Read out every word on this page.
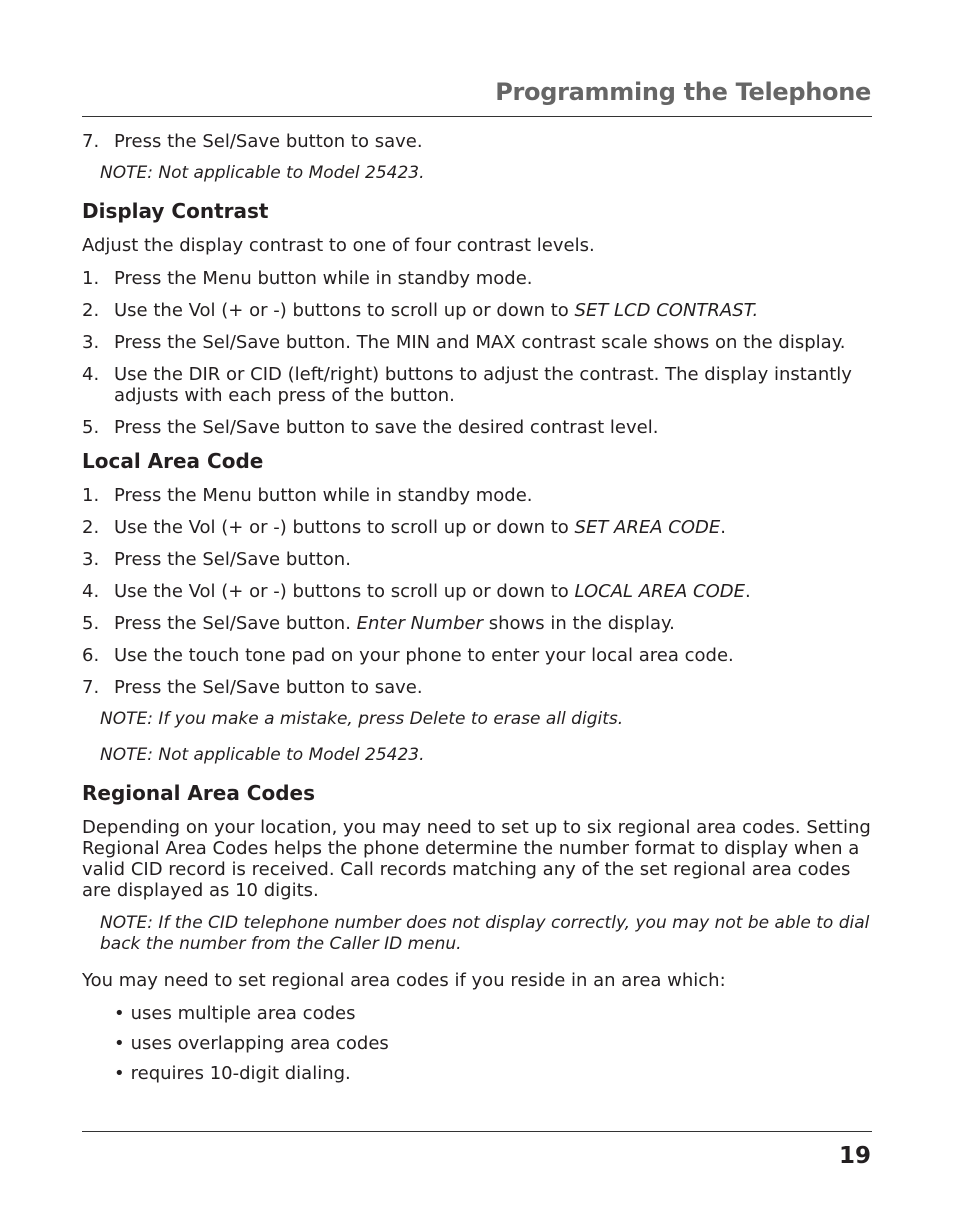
Programming the Telephone
7. Press the Sel/Save button to save.
NOTE: Not applicable to Model 25423.
Display Contrast

Adjust the display contrast to one of four contrast levels.

1. Press the Menu button while in standby mode.
2. Use the Vol (+ or -) buttons to scroll up or down to SET LCD CONTRAST.
3. Press the Sel/Save button. The MIN and MAX contrast scale shows on the display.
4. Use the DIR or CID (left/right) buttons to adjust the contrast. The display instantly adjusts with each press of the button.
5. Press the Sel/Save button to save the desired contrast level.
Local Area Code
1. Press the Menu button while in standby mode.
2. Use the Vol (+ or -) buttons to scroll up or down to SET AREA CODE.
3. Press the Sel/Save button.
4. Use the Vol (+ or -) buttons to scroll up or down to LOCAL AREA CODE.
5. Press the Sel/Save button. Enter Number shows in the display.
6. Use the touch tone pad on your phone to enter your local area code.
7. Press the Sel/Save button to save.
NOTE: If you make a mistake, press Delete to erase all digits.
NOTE: Not applicable to Model 25423.
Regional Area Codes

Depending on your location, you may need to set up to six regional area codes. Setting Regional Area Codes helps the phone determine the number format to display when a valid CID record is received. Call records matching any of the set regional area codes are displayed as 10 digits.

NOTE: If the CID telephone number does not display correctly, you may not be able to dial back the number from the Caller ID menu.

You may need to set regional area codes if you reside in an area which:

• uses multiple area codes
• uses overlapping area codes
• requires 10-digit dialing.
19
